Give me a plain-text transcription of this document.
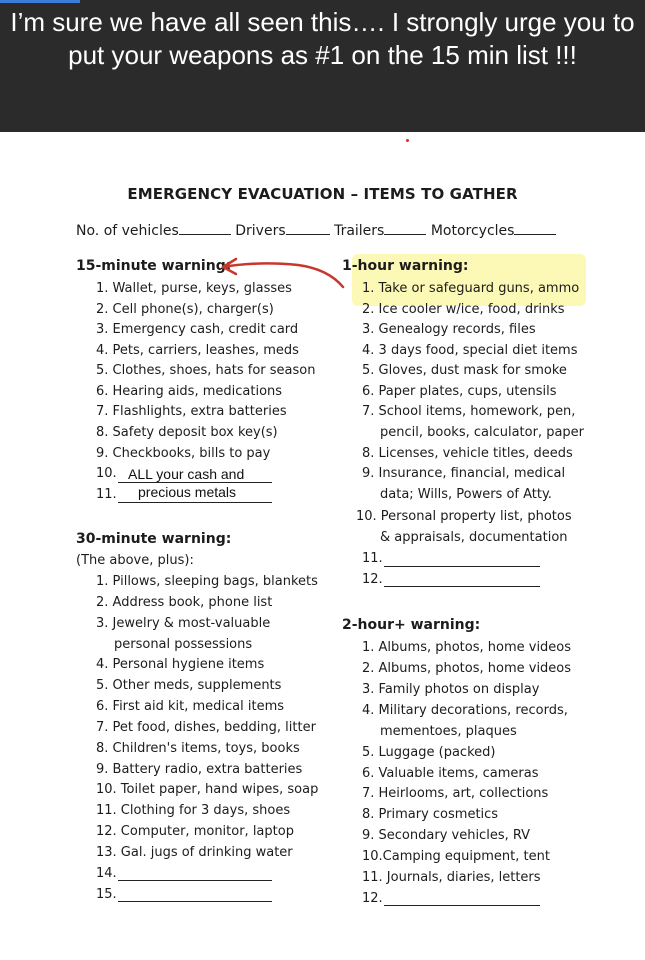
I’m sure we have all seen this…. I strongly urge you to put your weapons as #1 on the 15 min list !!!
EMERGENCY EVACUATION – ITEMS TO GATHER
No. of vehicles	Drivers	Trailers	Motorcycles
15-minute warning:
1. Wallet, purse, keys, glasses
2. Cell phone(s), charger(s)
3. Emergency cash, credit card
4. Pets, carriers, leashes, meds
5. Clothes, shoes, hats for season
6. Hearing aids, medications
7. Flashlights, extra batteries
8. Safety deposit box key(s)
9. Checkbooks, bills to pay
10.
11.
ALL your cash and
precious metals
30-minute warning:
(The above, plus):
1. Pillows, sleeping bags, blankets
2. Address book, phone list
3. Jewelry & most-valuable
personal possessions
4. Personal hygiene items
5. Other meds, supplements
6. First aid kit, medical items
7. Pet food, dishes, bedding, litter
8. Children's items, toys, books
9. Battery radio, extra batteries
10. Toilet paper, hand wipes, soap
11. Clothing for 3 days, shoes
12. Computer, monitor, laptop
13. Gal. jugs of drinking water
14.
15.
1-hour warning:
1. Take or safeguard guns, ammo
2. Ice cooler w/ice, food, drinks
3. Genealogy records, files
4. 3 days food, special diet items
5. Gloves, dust mask for smoke
6. Paper plates, cups, utensils
7. School items, homework, pen,
pencil, books, calculator, paper
8. Licenses, vehicle titles, deeds
9. Insurance, financial, medical
data; Wills, Powers of Atty.
10. Personal property list, photos
& appraisals, documentation
11.
12.
2-hour+ warning:
1. Albums, photos, home videos
2. Albums, photos, home videos
3. Family photos on display
4. Military decorations, records,
mementoes, plaques
5. Luggage (packed)
6. Valuable items, cameras
7. Heirlooms, art, collections
8. Primary cosmetics
9. Secondary vehicles, RV
10.Camping equipment, tent
11. Journals, diaries, letters
12.
